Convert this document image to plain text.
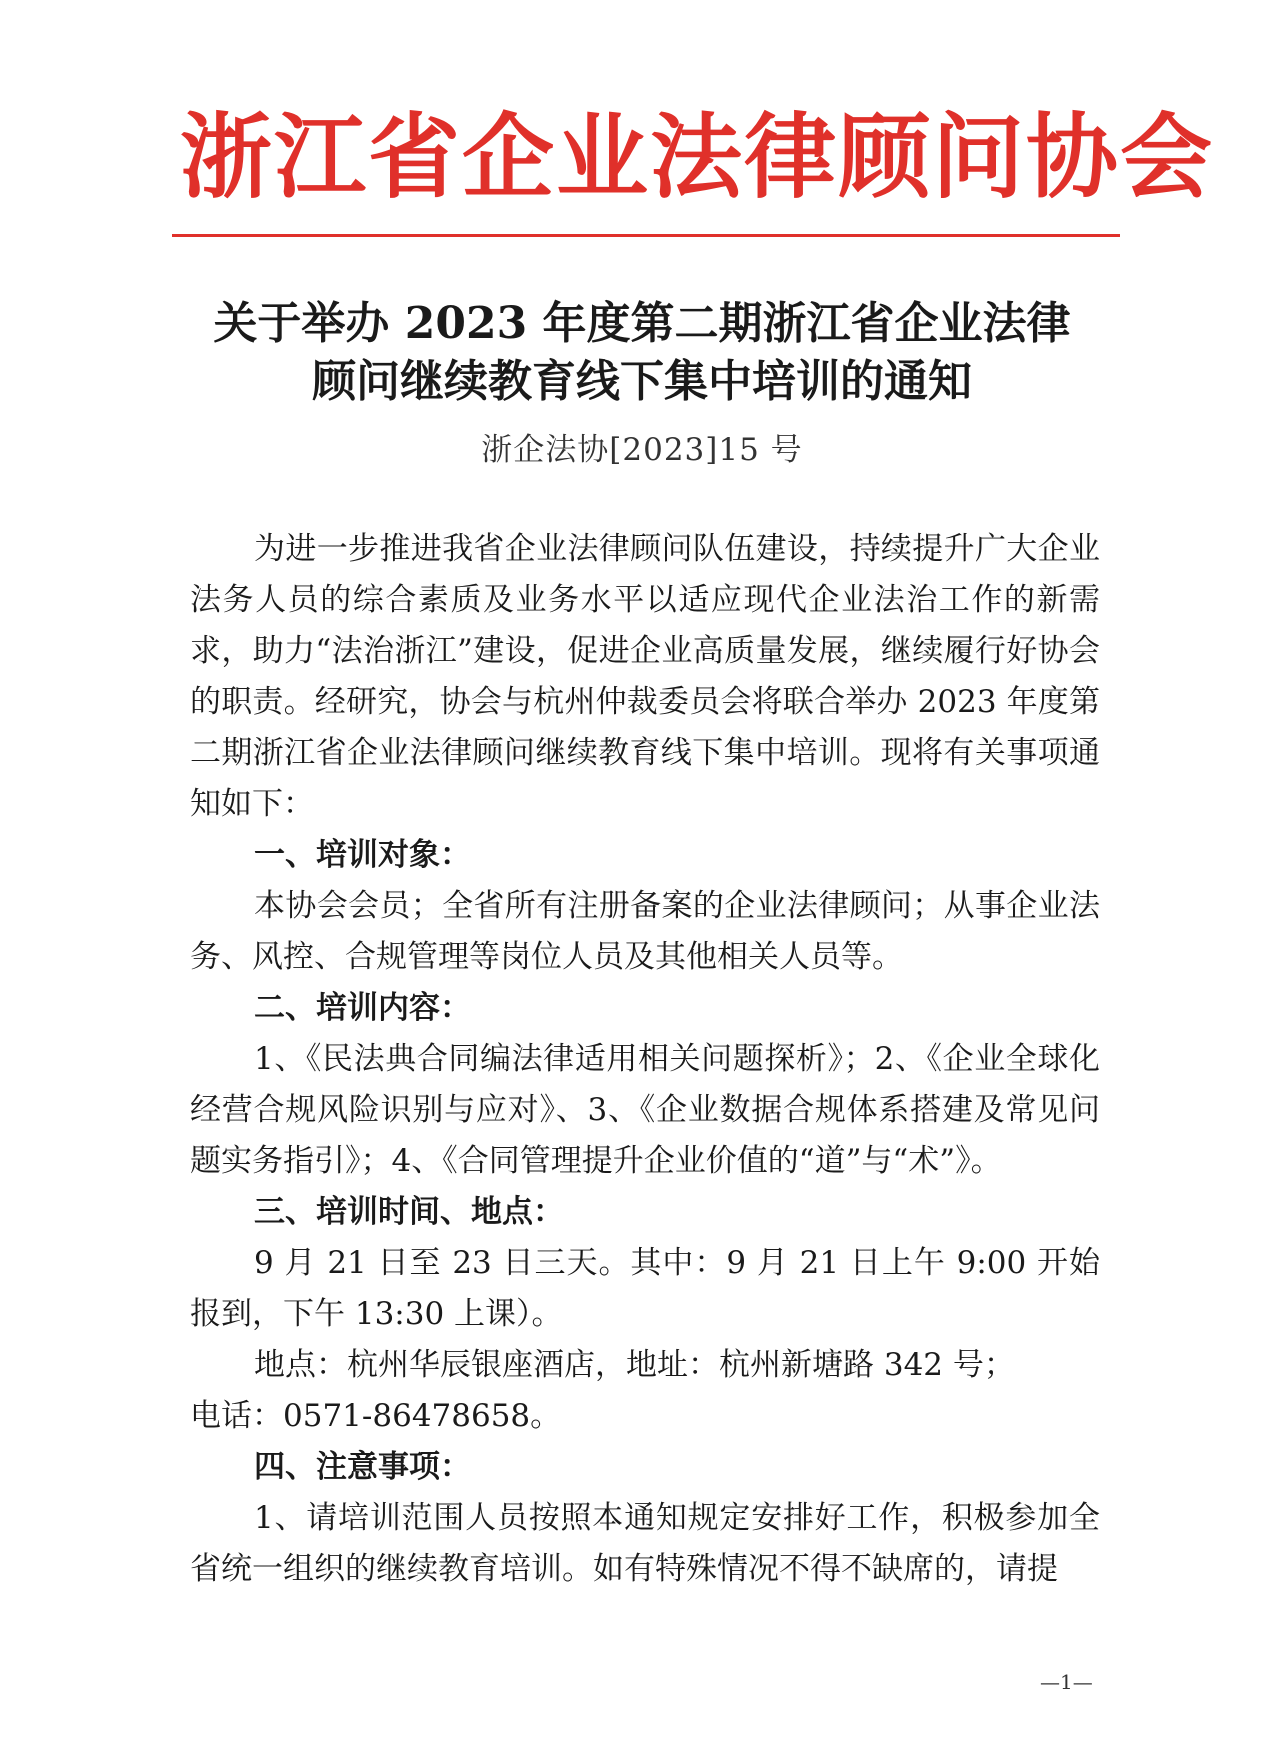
浙江省企业法律顾问协会
关于举办 2023 年度第二期浙江省企业法律
顾问继续教育线下集中培训的通知
浙企法协[2023]15 号

为进一步推进我省企业法律顾问队伍建设，持续提升广大企业法务人员的综合素质及业务水平以适应现代企业法治工作的新需求，助力“法治浙江”建设，促进企业高质量发展，继续履行好协会的职责。经研究，协会与杭州仲裁委员会将联合举办 2023 年度第二期浙江省企业法律顾问继续教育线下集中培训。现将有关事项通知如下：

一、培训对象：

本协会会员；全省所有注册备案的企业法律顾问；从事企业法务、风控、合规管理等岗位人员及其他相关人员等。

二、培训内容：

1、《民法典合同编法律适用相关问题探析》；2、《企业全球化经营合规风险识别与应对》、3、《企业数据合规体系搭建及常见问题实务指引》；4、《合同管理提升企业价值的“道”与“术”》。

三、培训时间、地点：

9 月 21 日至 23 日三天。其中：9 月 21 日上午 9:00 开始报到，下午 13:30 上课）。

地点：杭州华辰银座酒店，地址：杭州新塘路 342 号；

电话：0571-86478658。

四、注意事项：

1、请培训范围人员按照本通知规定安排好工作，积极参加全省统一组织的继续教育培训。如有特殊情况不得不缺席的，请提

—1—
